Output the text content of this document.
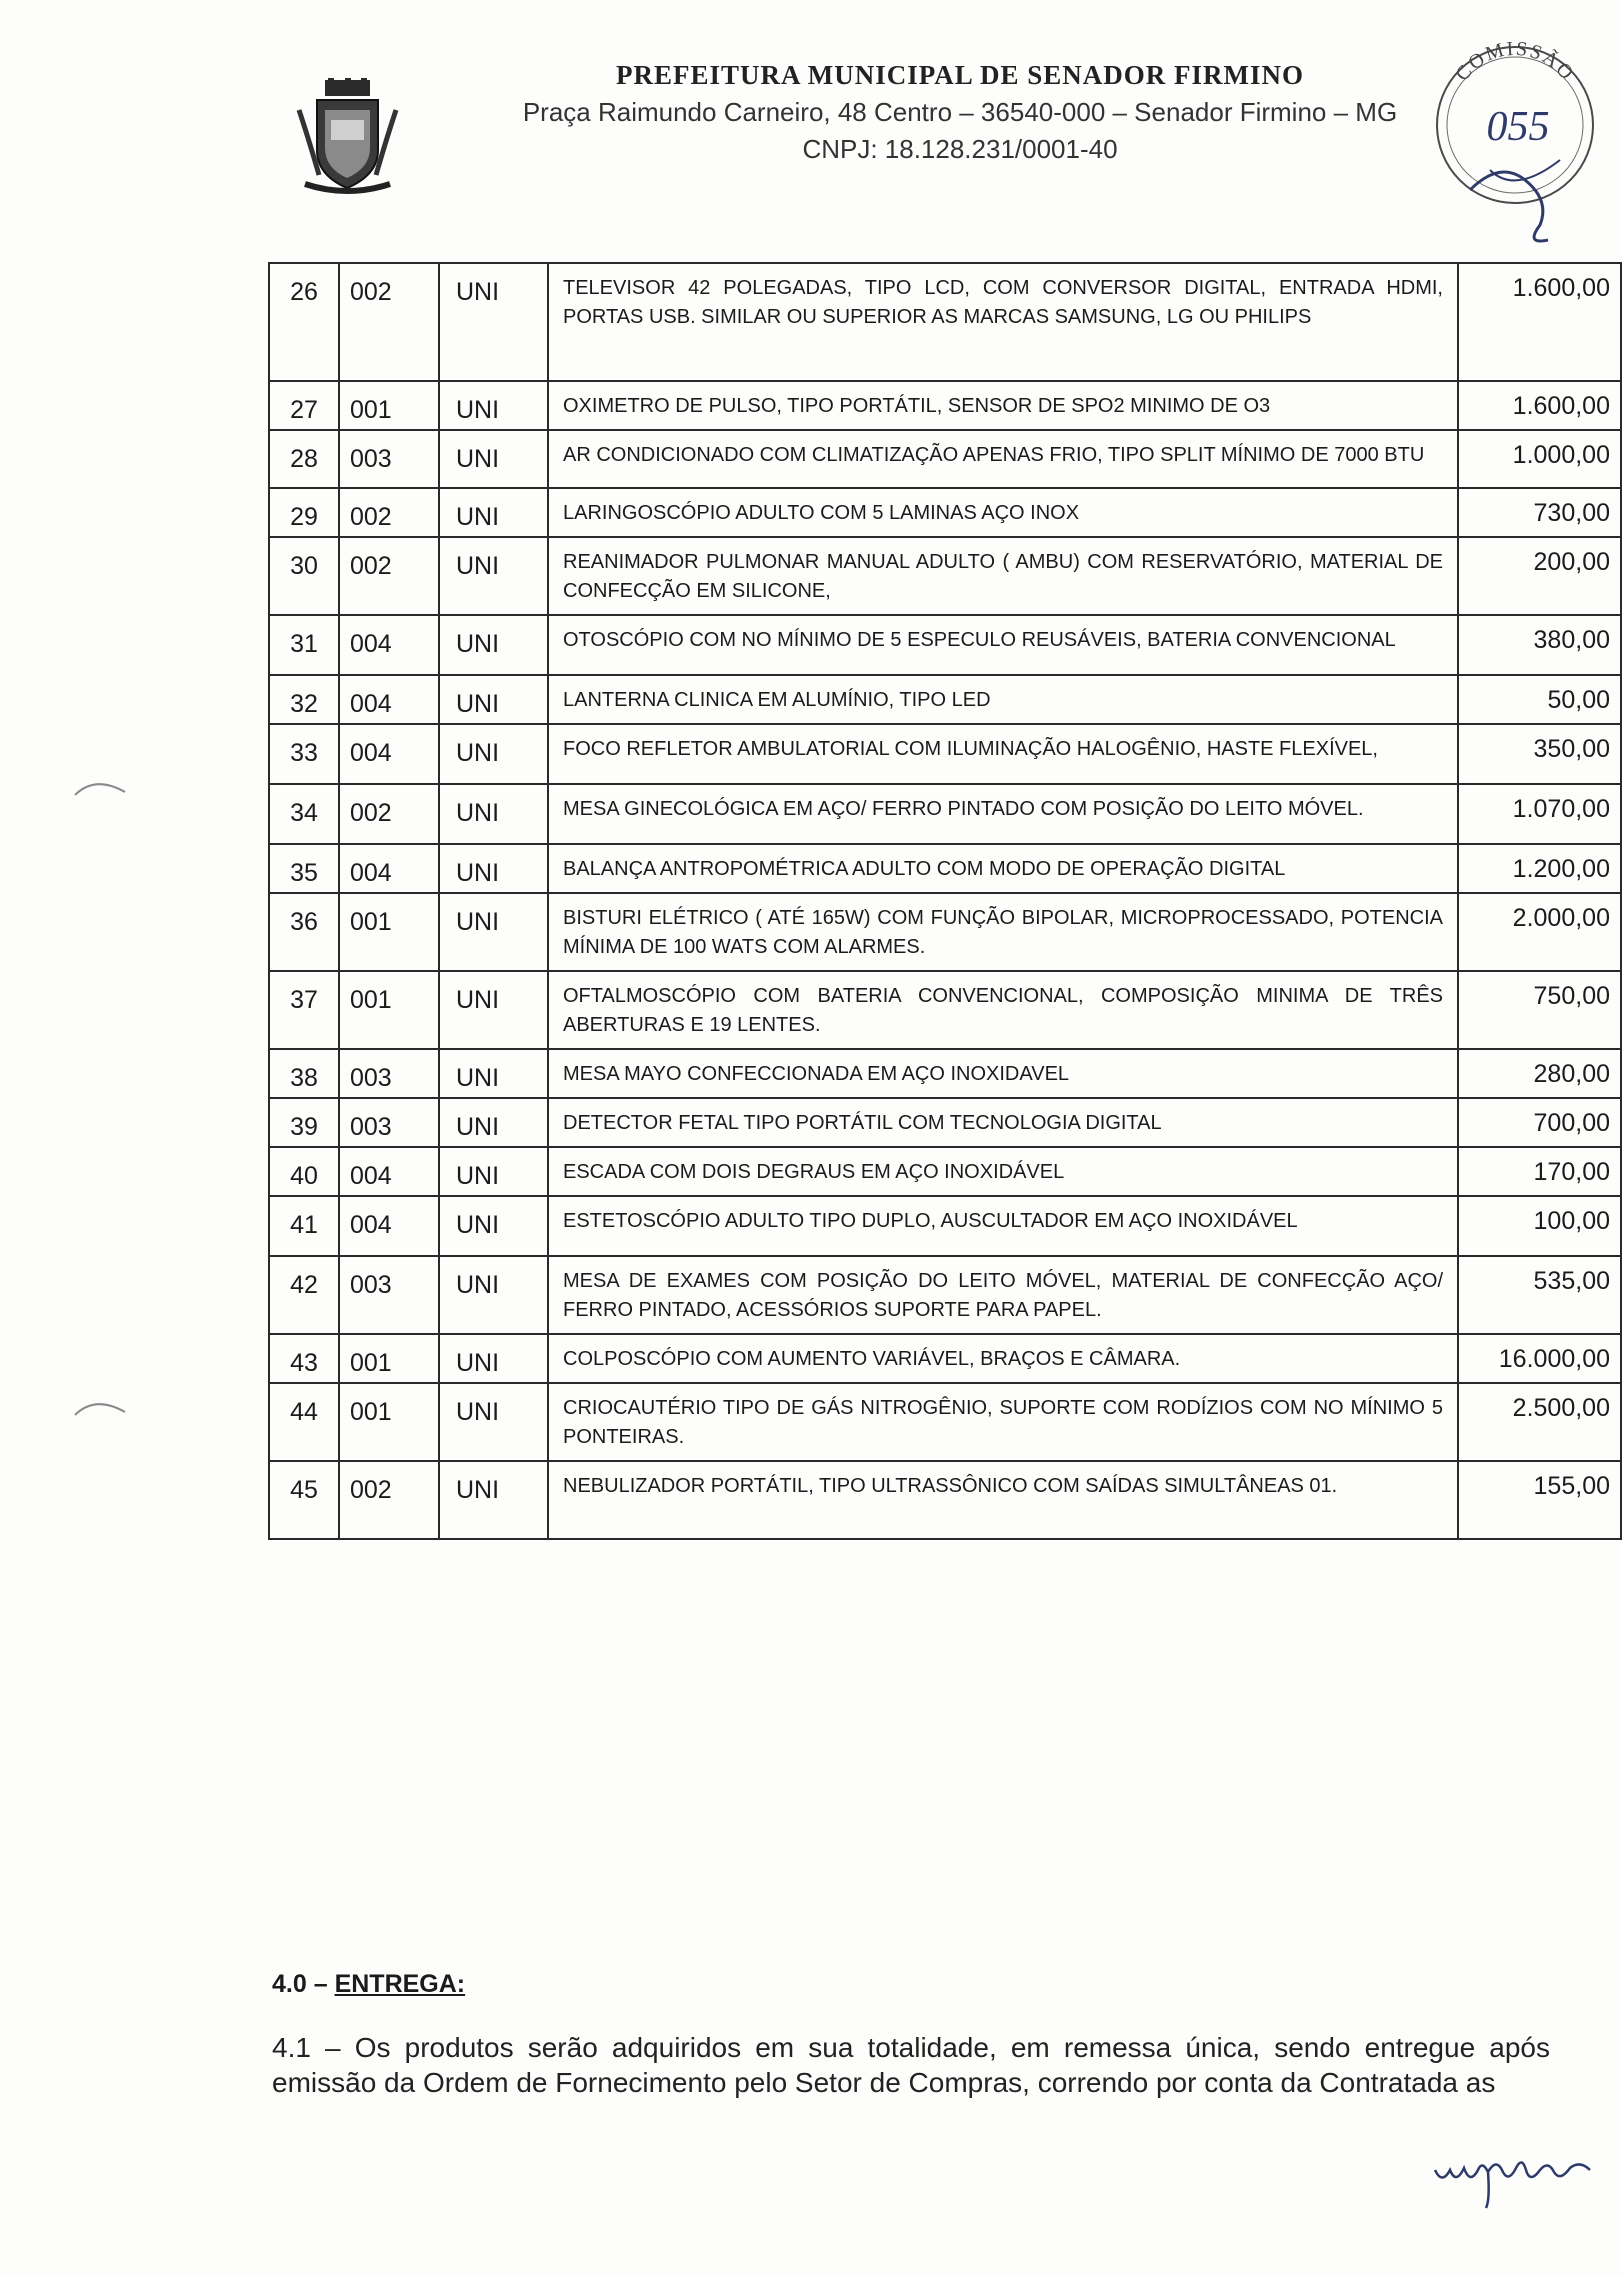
PREFEITURA MUNICIPAL DE SENADOR FIRMINO
Praça Raimundo Carneiro, 48 Centro – 36540-000 – Senador Firmino – MG
CNPJ: 18.128.231/0001-40
COMISSÃO
055
26	002	UNI	TELEVISOR 42 POLEGADAS, TIPO LCD, COM CONVERSOR DIGITAL, ENTRADA HDMI, PORTAS USB. SIMILAR OU SUPERIOR AS MARCAS SAMSUNG, LG OU PHILIPS	1.600,00
27	001	UNI	OXIMETRO DE PULSO, TIPO PORTÁTIL, SENSOR DE SPO2 MINIMO DE O3	1.600,00
28	003	UNI	AR CONDICIONADO COM CLIMATIZAÇÃO APENAS FRIO, TIPO SPLIT MÍNIMO DE 7000 BTU	1.000,00
29	002	UNI	LARINGOSCÓPIO ADULTO COM 5 LAMINAS AÇO INOX	730,00
30	002	UNI	REANIMADOR PULMONAR MANUAL ADULTO ( AMBU) COM RESERVATÓRIO, MATERIAL DE CONFECÇÃO EM SILICONE,	200,00
31	004	UNI	OTOSCÓPIO COM NO MÍNIMO DE 5 ESPECULO REUSÁVEIS, BATERIA CONVENCIONAL	380,00
32	004	UNI	LANTERNA CLINICA EM ALUMÍNIO, TIPO LED	50,00
33	004	UNI	FOCO REFLETOR AMBULATORIAL COM ILUMINAÇÃO HALOGÊNIO, HASTE FLEXÍVEL,	350,00
34	002	UNI	MESA GINECOLÓGICA EM AÇO/ FERRO PINTADO COM POSIÇÃO DO LEITO MÓVEL.	1.070,00
35	004	UNI	BALANÇA ANTROPOMÉTRICA ADULTO COM MODO DE OPERAÇÃO DIGITAL	1.200,00
36	001	UNI	BISTURI ELÉTRICO ( ATÉ 165W) COM FUNÇÃO BIPOLAR, MICROPROCESSADO, POTENCIA MÍNIMA DE 100 WATS COM ALARMES.	2.000,00
37	001	UNI	OFTALMOSCÓPIO COM BATERIA CONVENCIONAL, COMPOSIÇÃO MINIMA DE TRÊS ABERTURAS E 19 LENTES.	750,00
38	003	UNI	MESA MAYO CONFECCIONADA EM AÇO INOXIDAVEL	280,00
39	003	UNI	DETECTOR FETAL TIPO PORTÁTIL COM TECNOLOGIA DIGITAL	700,00
40	004	UNI	ESCADA COM DOIS DEGRAUS EM AÇO INOXIDÁVEL	170,00
41	004	UNI	ESTETOSCÓPIO ADULTO TIPO DUPLO, AUSCULTADOR EM AÇO INOXIDÁVEL	100,00
42	003	UNI	MESA DE EXAMES COM POSIÇÃO DO LEITO MÓVEL, MATERIAL DE CONFECÇÃO AÇO/ FERRO PINTADO, ACESSÓRIOS SUPORTE PARA PAPEL.	535,00
43	001	UNI	COLPOSCÓPIO COM AUMENTO VARIÁVEL, BRAÇOS E CÂMARA.	16.000,00
44	001	UNI	CRIOCAUTÉRIO TIPO DE GÁS NITROGÊNIO, SUPORTE COM RODÍZIOS COM NO MÍNIMO 5 PONTEIRAS.	2.500,00
45	002	UNI	NEBULIZADOR PORTÁTIL, TIPO ULTRASSÔNICO COM SAÍDAS SIMULTÂNEAS 01.	155,00
4.0 – ENTREGA:
4.1 – Os produtos serão adquiridos em sua totalidade, em remessa única, sendo entregue após emissão da Ordem de Fornecimento pelo Setor de Compras, correndo por conta da Contratada as
